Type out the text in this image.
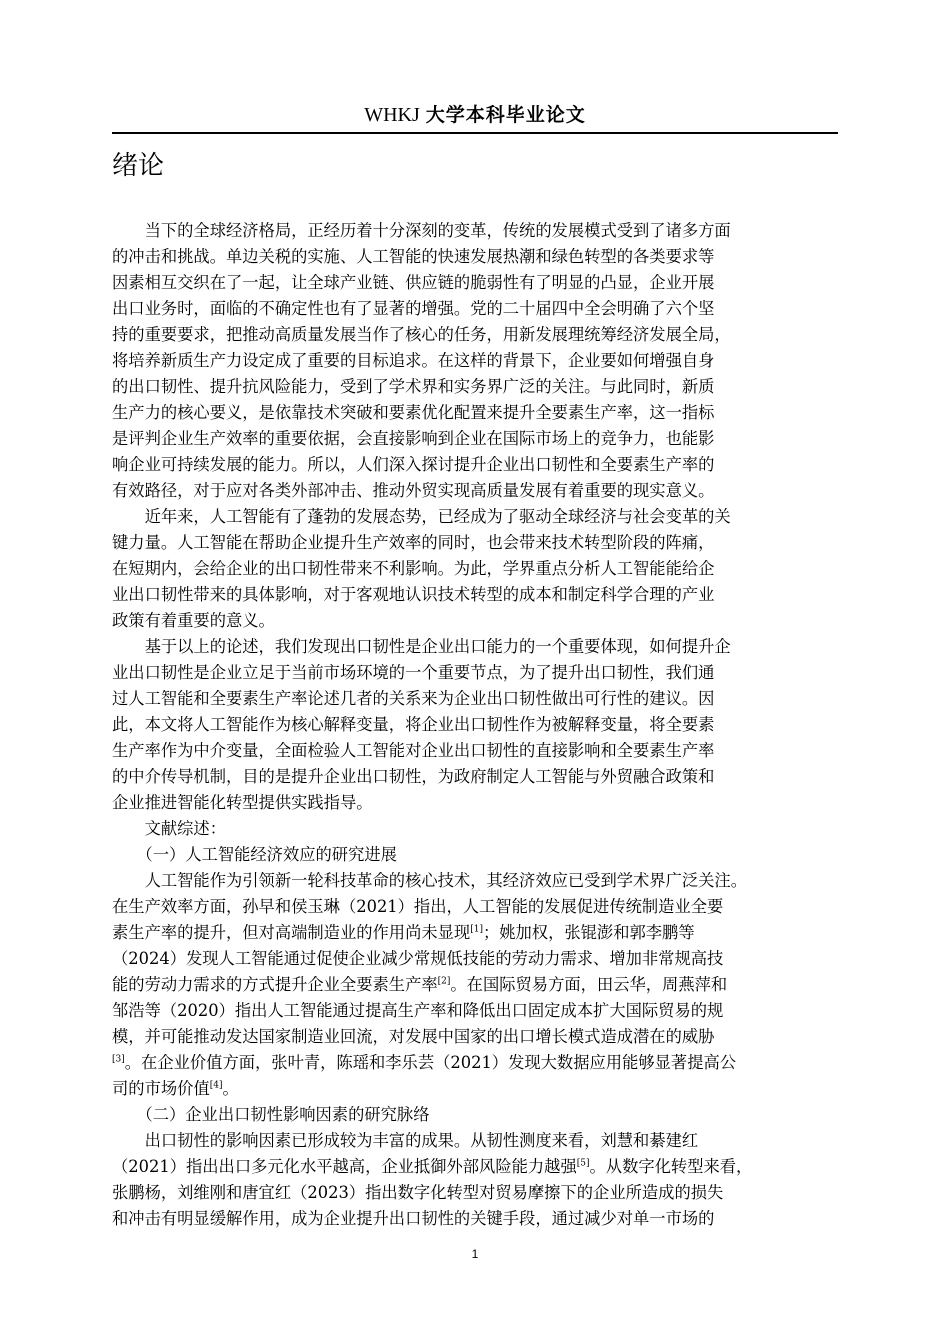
WHKJ 大学本科毕业论文
绪论
　　当下的全球经济格局，正经历着十分深刻的变革，传统的发展模式受到了诸多方面
的冲击和挑战。单边关税的实施、人工智能的快速发展热潮和绿色转型的各类要求等
因素相互交织在了一起，让全球产业链、供应链的脆弱性有了明显的凸显，企业开展
出口业务时，面临的不确定性也有了显著的增强。党的二十届四中全会明确了六个坚
持的重要要求，把推动高质量发展当作了核心的任务，用新发展理统筹经济发展全局，
将培养新质生产力设定成了重要的目标追求。在这样的背景下，企业要如何增强自身
的出口韧性、提升抗风险能力，受到了学术界和实务界广泛的关注。与此同时，新质
生产力的核心要义，是依靠技术突破和要素优化配置来提升全要素生产率，这一指标
是评判企业生产效率的重要依据，会直接影响到企业在国际市场上的竞争力，也能影
响企业可持续发展的能力。所以，人们深入探讨提升企业出口韧性和全要素生产率的
有效路径，对于应对各类外部冲击、推动外贸实现高质量发展有着重要的现实意义。
　　近年来，人工智能有了蓬勃的发展态势，已经成为了驱动全球经济与社会变革的关
键力量。人工智能在帮助企业提升生产效率的同时，也会带来技术转型阶段的阵痛，
在短期内，会给企业的出口韧性带来不利影响。为此，学界重点分析人工智能能给企
业出口韧性带来的具体影响，对于客观地认识技术转型的成本和制定科学合理的产业
政策有着重要的意义。
　　基于以上的论述，我们发现出口韧性是企业出口能力的一个重要体现，如何提升企
业出口韧性是企业立足于当前市场环境的一个重要节点，为了提升出口韧性，我们通
过人工智能和全要素生产率论述几者的关系来为企业出口韧性做出可行性的建议。因
此，本文将人工智能作为核心解释变量，将企业出口韧性作为被解释变量，将全要素
生产率作为中介变量，全面检验人工智能对企业出口韧性的直接影响和全要素生产率
的中介传导机制，目的是提升企业出口韧性，为政府制定人工智能与外贸融合政策和
企业推进智能化转型提供实践指导。
　　文献综述：
　　（一）人工智能经济效应的研究进展
　　人工智能作为引领新一轮科技革命的核心技术，其经济效应已受到学术界广泛关注。
在生产效率方面，孙早和侯玉琳（2021）指出，人工智能的发展促进传统制造业全要
素生产率的提升，但对高端制造业的作用尚未显现[1]；姚加权，张锟澎和郭李鹏等
（2024）发现人工智能通过促使企业减少常规低技能的劳动力需求、增加非常规高技
能的劳动力需求的方式提升企业全要素生产率[2]。在国际贸易方面，田云华，周燕萍和
邹浩等（2020）指出人工智能通过提高生产率和降低出口固定成本扩大国际贸易的规
模，并可能推动发达国家制造业回流，对发展中国家的出口增长模式造成潜在的威胁
[3]。在企业价值方面，张叶青，陈瑶和李乐芸（2021）发现大数据应用能够显著提高公
司的市场价值[4]。
　　（二）企业出口韧性影响因素的研究脉络
　　出口韧性的影响因素已形成较为丰富的成果。从韧性测度来看，刘慧和綦建红
（2021）指出出口多元化水平越高，企业抵御外部风险能力越强[5]。从数字化转型来看，
张鹏杨，刘维刚和唐宜红（2023）指出数字化转型对贸易摩擦下的企业所造成的损失
和冲击有明显缓解作用，成为企业提升出口韧性的关键手段，通过减少对单一市场的
1
